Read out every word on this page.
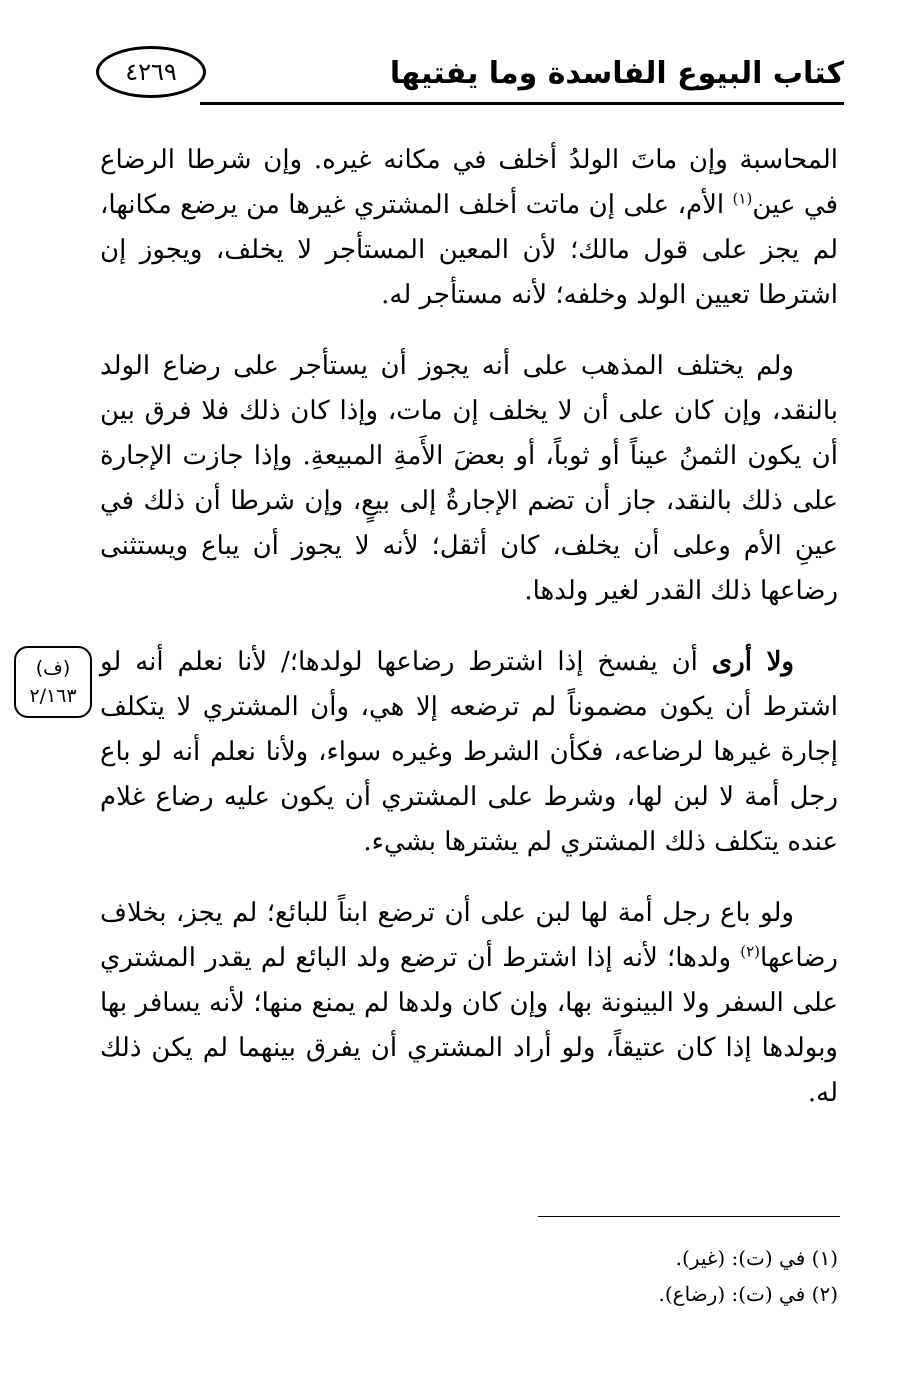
كتاب البيوع الفاسدة وما يفتيها
٤٢٦٩
(ف)
٢/١٦٣

المحاسبة وإن ماتَ الولدُ أخلف في مكانه غيره. وإن شرطا الرضاع في عين$^{(١)}$ الأم، على إن ماتت أخلف المشتري غيرها من يرضع مكانها، لم يجز على قول مالك؛ لأن المعين المستأجر لا يخلف، ويجوز إن اشترطا تعيين الولد وخلفه؛ لأنه مستأجر له.

ولم يختلف المذهب على أنه يجوز أن يستأجر على رضاع الولد بالنقد، وإن كان على أن لا يخلف إن مات، وإذا كان ذلك فلا فرق بين أن يكون الثمنُ عيناً أو ثوباً، أو بعضَ الأَمةِ المبيعةِ. وإذا جازت الإجارة على ذلك بالنقد، جاز أن تضم الإجارةُ إلى بيعٍ، وإن شرطا أن ذلك في عينِ الأم وعلى أن يخلف، كان أثقل؛ لأنه لا يجوز أن يباع ويستثنى رضاعها ذلك القدر لغير ولدها.

ولا أرى أن يفسخ إذا اشترط رضاعها لولدها؛/ لأنا نعلم أنه لو اشترط أن يكون مضموناً لم ترضعه إلا هي، وأن المشتري لا يتكلف إجارة غيرها لرضاعه، فكأن الشرط وغيره سواء، ولأنا نعلم أنه لو باع رجل أمة لا لبن لها، وشرط على المشتري أن يكون عليه رضاع غلام عنده يتكلف ذلك المشتري لم يشترها بشيء.

ولو باع رجل أمة لها لبن على أن ترضع ابناً للبائع؛ لم يجز، بخلاف رضاعها$^{(٢)}$ ولدها؛ لأنه إذا اشترط أن ترضع ولد البائع لم يقدر المشتري على السفر ولا البينونة بها، وإن كان ولدها لم يمنع منها؛ لأنه يسافر بها وبولدها إذا كان عتيقاً، ولو أراد المشتري أن يفرق بينهما لم يكن ذلك له.

(١) في (ت): (غير).
(٢) في (ت): (رضاع).
